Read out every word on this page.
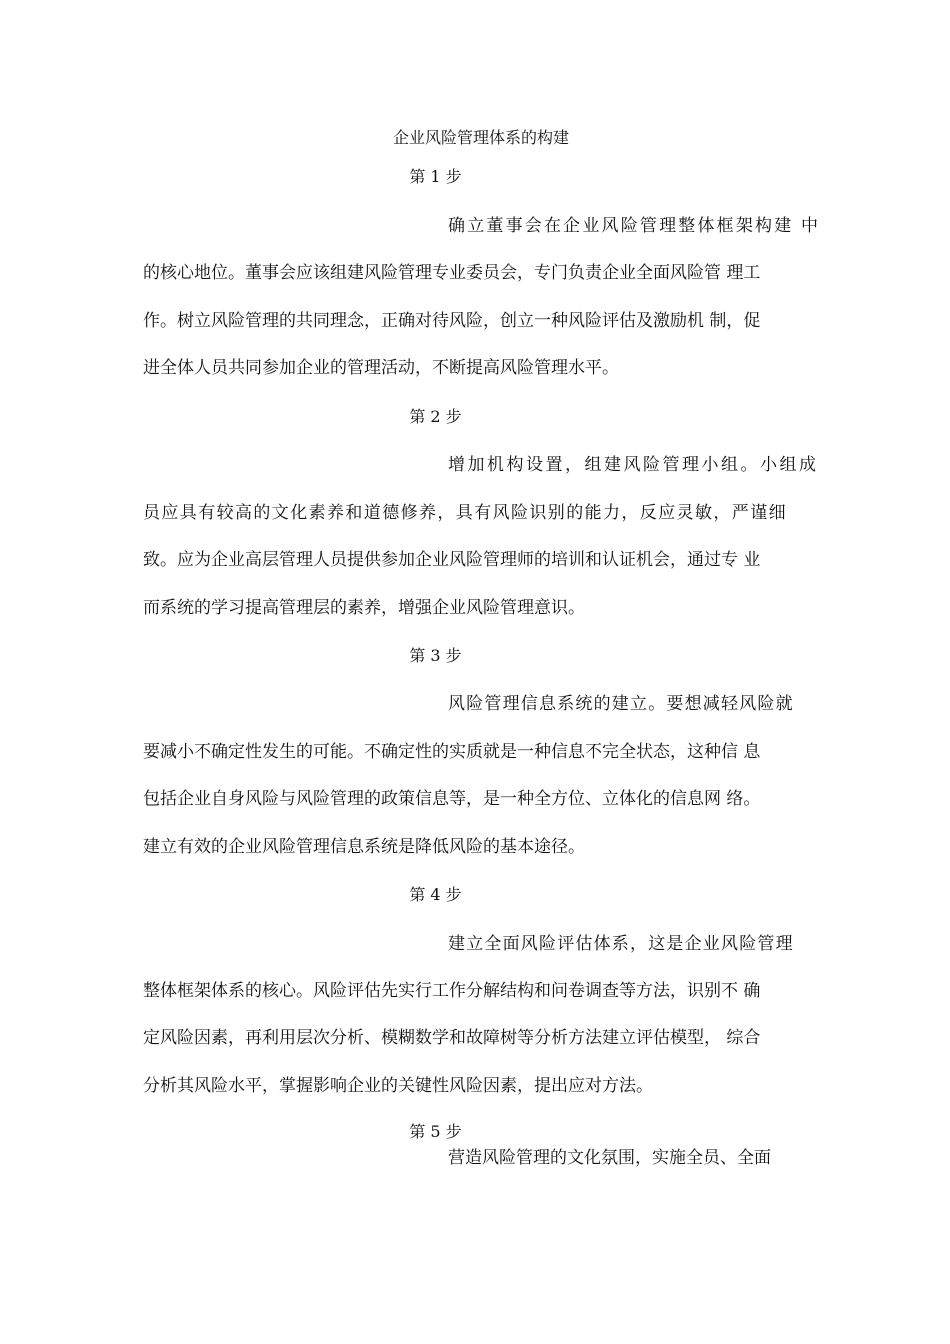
企业风险管理体系的构建
第 1 步
确立董事会在企业风险管理整体框架构建 中
的核心地位。董事会应该组建风险管理专业委员会，专门负责企业全面风险管 理工
作。树立风险管理的共同理念，正确对待风险，创立一种风险评估及激励机 制，促
进全体人员共同参加企业的管理活动，不断提高风险管理水平。
第 2 步
增加机构设置，组建风险管理小组。小组成
员应具有较高的文化素养和道德修养，具有风险识别的能力，反应灵敏，严谨细
致。应为企业高层管理人员提供参加企业风险管理师的培训和认证机会，通过专 业
而系统的学习提高管理层的素养，增强企业风险管理意识。
第 3 步
风险管理信息系统的建立。要想减轻风险就
要减小不确定性发生的可能。不确定性的实质就是一种信息不完全状态，这种信 息
包括企业自身风险与风险管理的政策信息等，是一种全方位、立体化的信息网 络。
建立有效的企业风险管理信息系统是降低风险的基本途径。
第 4 步
建立全面风险评估体系，这是企业风险管理
整体框架体系的核心。风险评估先实行工作分解结构和问卷调查等方法，识别不 确
定风险因素，再利用层次分析、模糊数学和故障树等分析方法建立评估模型， 综合
分析其风险水平，掌握影响企业的关键性风险因素，提出应对方法。
第 5 步
营造风险管理的文化氛围，实施全员、全面
